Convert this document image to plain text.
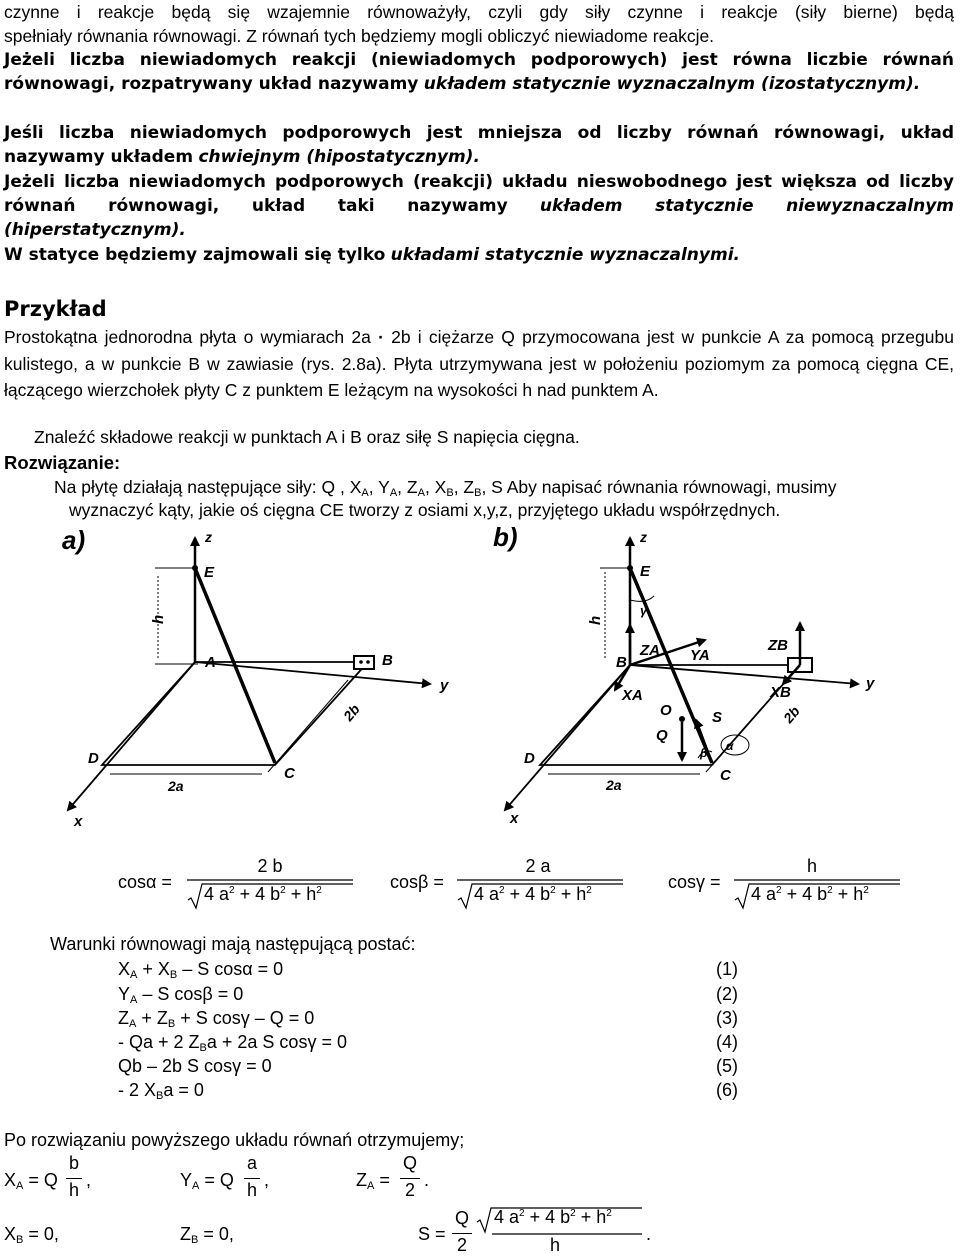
czynne i reakcje będą się wzajemnie równoważyły, czyli gdy siły czynne i reakcje (siły bierne) będą

spełniały równania równowagi. Z równań tych będziemy mogli obliczyć niewiadome reakcje.

Jeżeli liczba niewiadomych reakcji (niewiadomych podporowych) jest równa liczbie równań równowagi, rozpatrywany układ nazywamy układem statycznie wyznaczalnym (izostatycznym).

Jeśli liczba niewiadomych podporowych jest mniejsza od liczby równań równowagi, układ nazywamy układem chwiejnym (hipostatycznym).

Jeżeli liczba niewiadomych podporowych (reakcji) układu nieswobodnego jest większa od liczby równań równowagi, układ taki nazywamy układem statycznie niewyznaczalnym (hiperstatycznym).

W statyce będziemy zajmowali się tylko układami statycznie wyznaczalnymi.

Przykład

Prostokątna jednorodna płyta o wymiarach 2a · 2b i ciężarze Q przymocowana jest w punkcie A za pomocą przegubu kulistego, a w punkcie B w zawiasie (rys. 2.8a). Płyta utrzymywana jest w położeniu poziomym za pomocą cięgna CE, łączącego wierzchołek płyty C z punktem E leżącym na wysokości h nad punktem A.

Znaleźć składowe reakcji w punktach A i B oraz siłę S napięcia cięgna.
Rozwiązanie:
Na płytę działają następujące siły: Q , $X_A$, $Y_A$, $Z_A$, $X_B$, $Z_B$, S Aby napisać równania równowagi, musimy
wyznaczyć kąty, jakie oś cięgna CE tworzy z osiami x,y,z, przyjętego układu współrzędnych.
a)	z
y
x
h
E
A	B
2b
D
2a
C
b)	z
y
x
h
E
γ
B
ZA YA
XA
ZB
XB
O
Q
S
β α
2b
D
2a
C
cosα =
2 b
4 $a^2 + 4$ $b^2 + h^2$	cosβ =
2 a
4 $a^2 + 4$ $b^2 + h^2$	cosγ =
h
4 $a^2 + 4$ $b^2 + h^2$
Warunki równowagi mają następującą postać:
$X_A + X_B - S$ cosα = 0	(1)
$Y_A$ – S cosβ = 0	(2)
$Z_A + Z_B + S$ cosγ – Q = 0	(3)
- Qa + 2 $Z_Ba + 2a$ S cosγ = 0	(4)
Qb – 2b S cosγ = 0	(5)
- 2 $X_Ba = 0$	(6)
Po rozwiązaniu powyższego układu równań otrzymujemy;
$X_A = Q$
b
h ,	$Y_A = Q$
a
h ,	$Z_A$ =
Q
2 .
$X_B = 0$,	$Z_B = 0$,	S =
Q
2
4 $a^2 + 4$ $b^2 + h^2$
h
.
